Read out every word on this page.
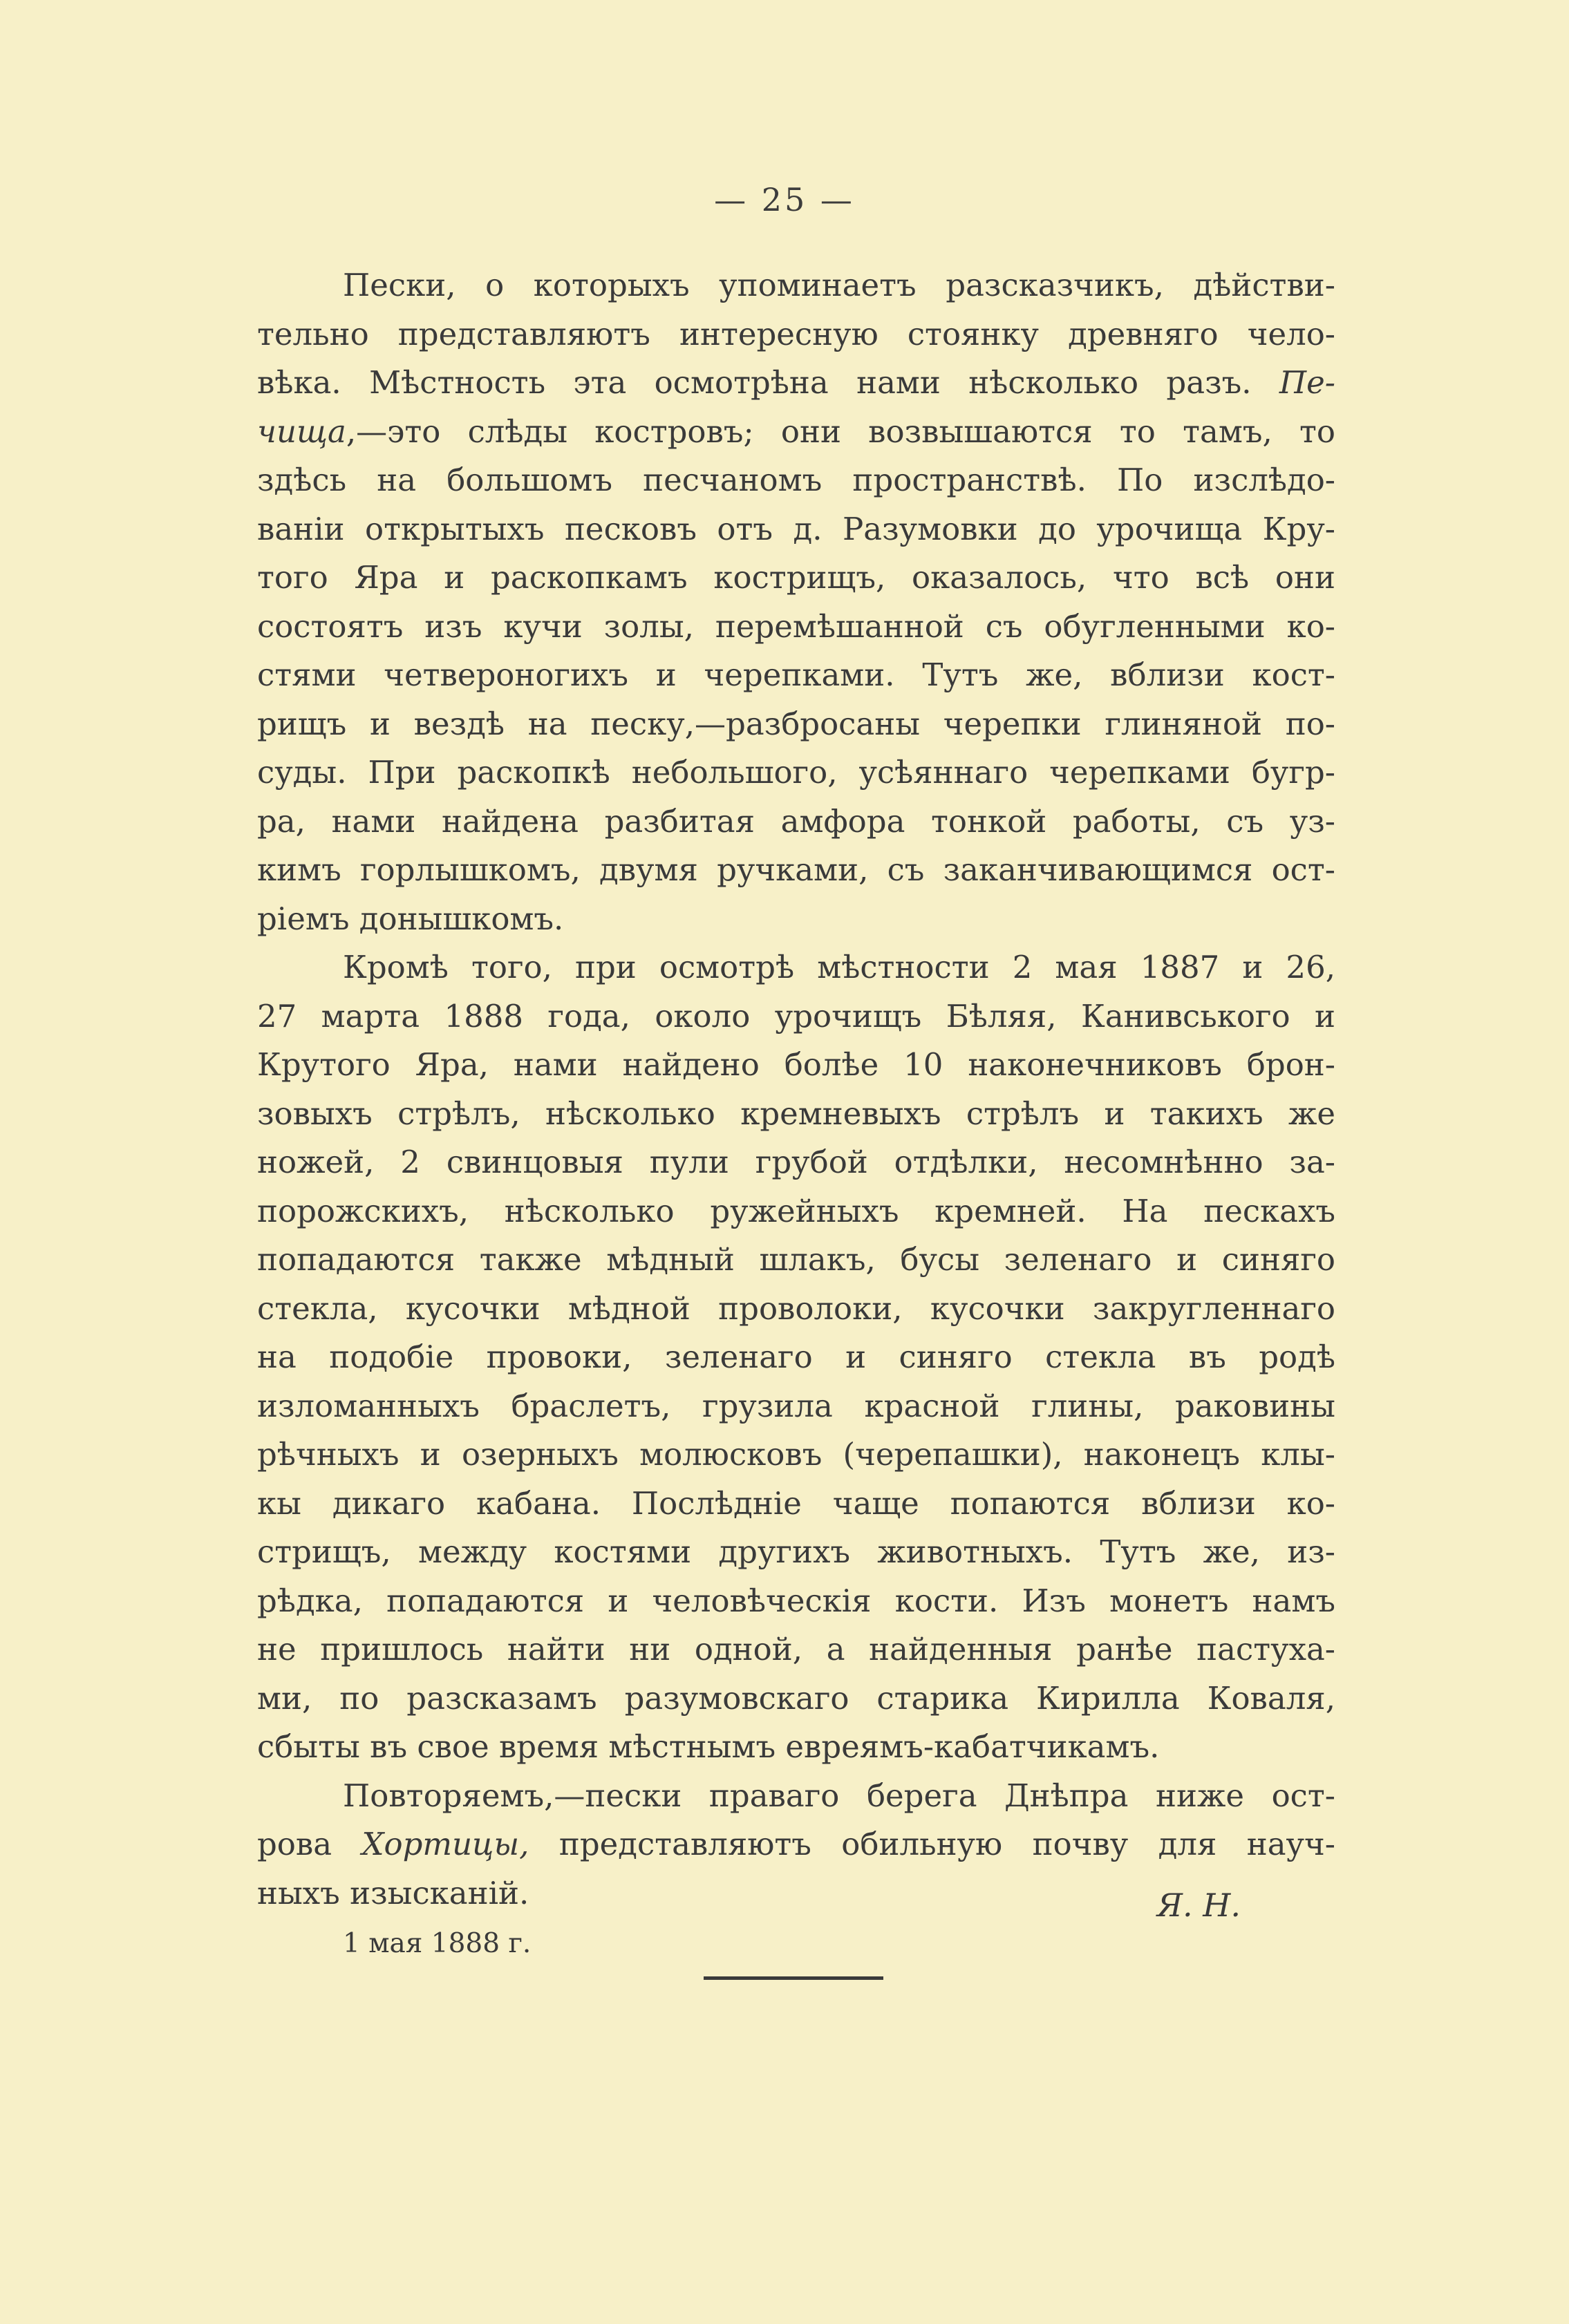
— 25 —
Пески, о которыхъ упоминаетъ разсказчикъ, дѣйстви-
тельно представляютъ интересную стоянку древняго чело-
вѣка. Мѣстность эта осмотрѣна нами нѣсколько разъ. Пе-
чища,—это слѣды костровъ; они возвышаются то тамъ, то
здѣсь на большомъ песчаномъ пространствѣ. По изслѣдо-
ваніи открытыхъ песковъ отъ д. Разумовки до урочища Кру-
того Яра и раскопкамъ кострищъ, оказалось, что всѣ они
состоятъ изъ кучи золы, перемѣшанной съ обугленными ко-
стями четвероногихъ и черепками. Тутъ же, вблизи кост-
рищъ и вездѣ на песку,—разбросаны черепки глиняной по-
суды. При раскопкѣ небольшого, усѣяннаго черепками бугр-
ра, нами найдена разбитая амфора тонкой работы, съ уз-
кимъ горлышкомъ, двумя ручками, съ заканчивающимся ост-
ріемъ донышкомъ.
Кромѣ того, при осмотрѣ мѣстности 2 мая 1887 и 26,
27 марта 1888 года, около урочищъ Бѣляя, Канивського и
Крутого Яра, нами найдено болѣе 10 наконечниковъ брон-
зовыхъ стрѣлъ, нѣсколько кремневыхъ стрѣлъ и такихъ же
ножей, 2 свинцовыя пули грубой отдѣлки, несомнѣнно за-
порожскихъ, нѣсколько ружейныхъ кремней. На пескахъ
попадаются также мѣдный шлакъ, бусы зеленаго и синяго
стекла, кусочки мѣдной проволоки, кусочки закругленнаго
на подобіе провоки, зеленаго и синяго стекла въ родѣ
изломанныхъ браслетъ, грузила красной глины, раковины
рѣчныхъ и озерныхъ молюсковъ (черепашки), наконецъ клы-
кы дикаго кабана. Послѣдніе чаще попаются вблизи ко-
стрищъ, между костями другихъ животныхъ. Тутъ же, из-
рѣдка, попадаются и человѣческія кости. Изъ монетъ намъ
не пришлось найти ни одной, а найденныя ранѣе пастуха-
ми, по разсказамъ разумовскаго старика Кирилла Коваля,
сбыты въ свое время мѣстнымъ евреямъ-кабатчикамъ.
Повторяемъ,—пески праваго берега Днѣпра ниже ост-
рова Хортицы, представляютъ обильную почву для науч-
ныхъ изысканій.	Я. Н.
1 мая 1888 г.
